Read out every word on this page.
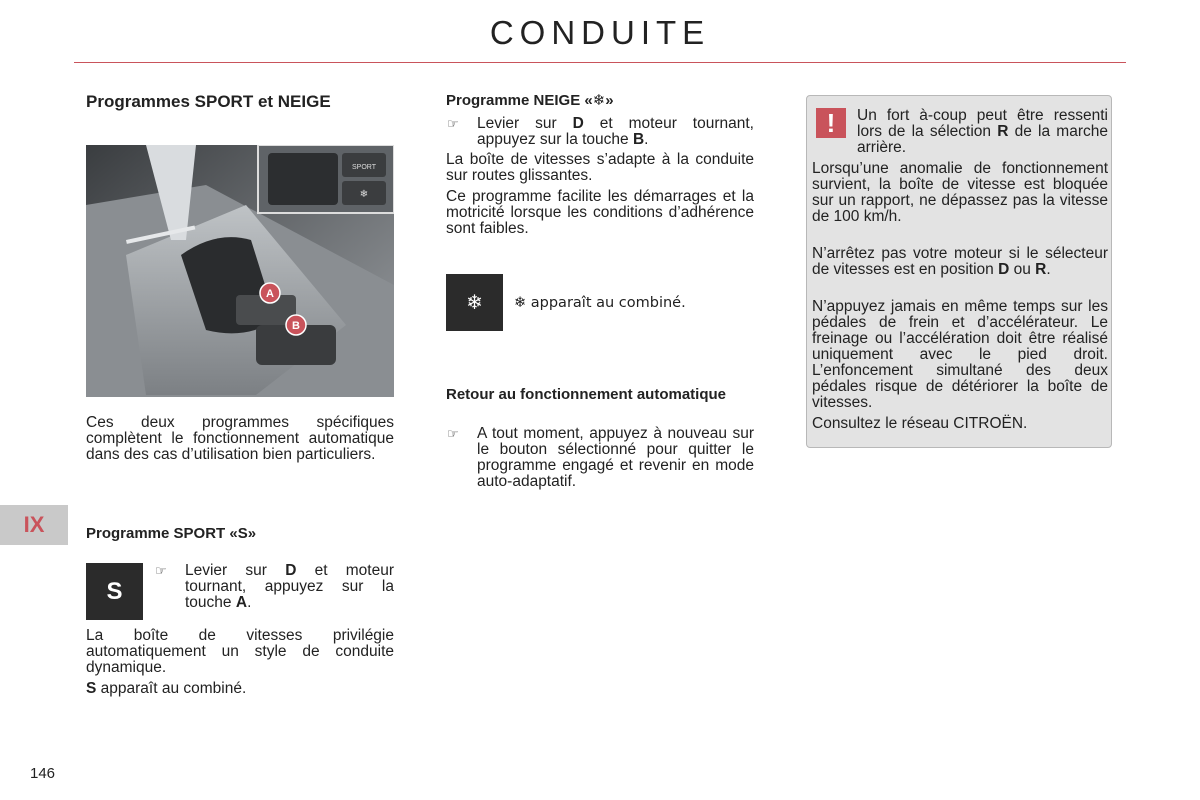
CONDUITE
Programmes SPORT et NEIGE
SPORT
❄
A
B
Ces deux programmes spécifiques complètent le fonctionnement automatique dans des cas d’utilisation bien particuliers.
Programme SPORT «S»
S
☞	Levier sur D et moteur tournant, appuyez sur la touche A.
La boîte de vitesses privilégie automatiquement un style de conduite dynamique.
S apparaît au combiné.
Programme NEIGE «❄»
☞	Levier sur D et moteur tournant, appuyez sur la touche B.
La boîte de vitesses s’adapte à la conduite sur routes glissantes.
Ce programme facilite les démarrages et la motricité lorsque les conditions d’adhérence sont faibles.
❄	❄ apparaît au combiné.
Retour au fonctionnement automatique
☞	A tout moment, appuyez à nouveau sur le bouton sélectionné pour quitter le programme engagé et revenir en mode auto-adaptatif.
!	Un fort à-coup peut être ressenti lors de la sélection R de la marche arrière.
Lorsqu’une anomalie de fonctionnement survient, la boîte de vitesse est bloquée sur un rapport, ne dépassez pas la vitesse de 100 km/h.
N’arrêtez pas votre moteur si le sélecteur de vitesses est en position D ou R.
N’appuyez jamais en même temps sur les pédales de frein et d’accélérateur. Le freinage ou l’accélération doit être réalisé uniquement avec le pied droit. L’enfoncement simultané des deux pédales risque de détériorer la boîte de vitesses.
Consultez le réseau CITROËN.
IX
146
